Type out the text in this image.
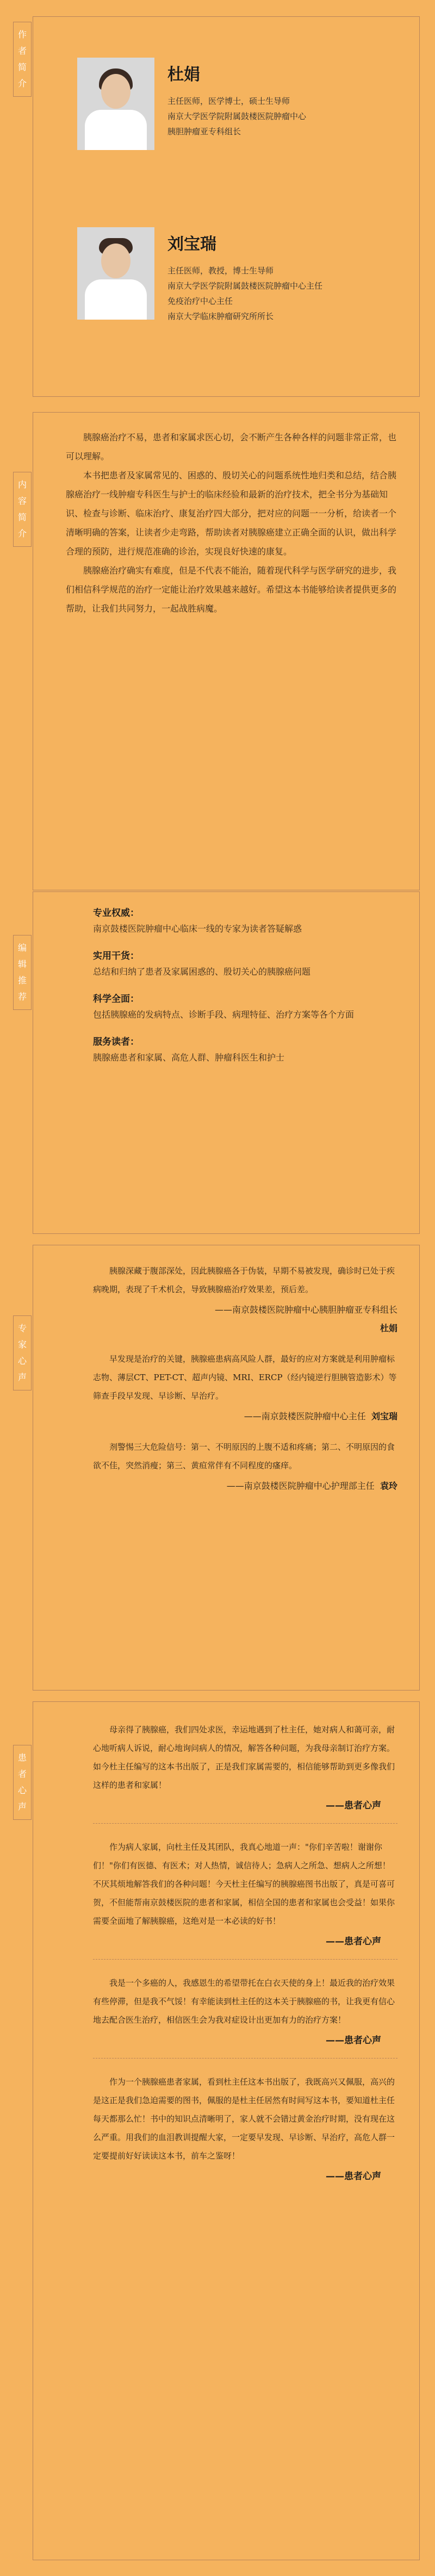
作
者
简
介	杜娟
主任医师，医学博士，硕士生导师
南京大学医学院附属鼓楼医院肿瘤中心
胰胆肿瘤亚专科组长
刘宝瑞
主任医师，教授，博士生导师
南京大学医学院附属鼓楼医院肿瘤中心主任
免疫治疗中心主任
南京大学临床肿瘤研究所所长
内
容
简
介

胰腺癌治疗不易，患者和家属求医心切，会不断产生各种各样的问题非常正常，也可以理解。

本书把患者及家属常见的、困惑的、殷切关心的问题系统性地归类和总结，结合胰腺癌治疗一线肿瘤专科医生与护士的临床经验和最新的治疗技术，把全书分为基础知识、检查与诊断、临床治疗、康复治疗四大部分，把对应的问题一一分析，给读者一个清晰明确的答案，让读者少走弯路，帮助读者对胰腺癌建立正确全面的认识，做出科学合理的预防，进行规范准确的诊治，实现良好快速的康复。

胰腺癌治疗确实有难度，但是不代表不能治，随着现代科学与医学研究的进步，我们相信科学规范的治疗一定能让治疗效果越来越好。希望这本书能够给读者提供更多的帮助，让我们共同努力，一起战胜病魔。

编
辑
推
荐

专业权威：

南京鼓楼医院肿瘤中心临床一线的专家为读者答疑解惑

实用干货：

总结和归纳了患者及家属困惑的、殷切关心的胰腺癌问题

科学全面：

包括胰腺癌的发病特点、诊断手段、病理特征、治疗方案等各个方面

服务读者：

胰腺癌患者和家属、高危人群、肿瘤科医生和护士

专
家
心
声

胰腺深藏于腹部深处，因此胰腺癌各于伪装，早期不易被发现，确诊时已处于疾病晚期，表现了千术机会，导致胰腺癌治疗效果差，预后差。

——南京鼓楼医院肿瘤中心胰胆肿瘤亚专科组长
杜娟

早发现是治疗的关键，胰腺癌患病高风险人群，最好的应对方案就是利用肿瘤标志物、薄层CT、PET-CT、超声内镜、MRI、ERCP（经内镜逆行胆胰管造影术）等筛查手段早发现、早诊断、早治疗。

——南京鼓楼医院肿瘤中心主任 刘宝瑞

剂警惕三大危险信号：第一、不明原因的上腹不适和疼痛；第二、不明原因的食欲不佳，突然消瘦；第三、黄疸常伴有不同程度的瘙痒。

——南京鼓楼医院肿瘤中心护理部主任 袁玲
患
者
心
声

母亲得了胰腺癌，我们四处求医，幸运地遇到了杜主任，她对病人和蔼可亲，耐心地听病人诉说，耐心地询问病人的情况，解答各种问题，为我母亲制订治疗方案。如今杜主任编写的这本书出版了，正是我们家属需要的，相信能够帮助到更多像我们这样的患者和家属！

——患者心声

作为病人家属，向杜主任及其团队，我真心地道一声："你们辛苦啦！谢谢你们！"你们有医德、有医术；对人热情，诚信待人；急病人之所急、想病人之所想！不厌其烦地解答我们的各种问题！今天杜主任编写的胰腺癌图书出版了，真是可喜可贺，不但能帮南京鼓楼医院的患者和家属，相信全国的患者和家属也会受益！如果你需要全面地了解胰腺癌，这绝对是一本必读的好书！

——患者心声

我是一个多癌的人，我感恩生的希望带托在白衣天使的身上！最近我的治疗效果有些停滞，但是我不气馁！有幸能读到杜主任的这本关于胰腺癌的书，让我更有信心地去配合医生治疗，相信医生会为我对症设计出更加有力的治疗方案！

——患者心声

作为一个胰腺癌患者家属，看到杜主任这本书出版了，我既高兴又佩服，高兴的是这正是我们急迫需要的图书，佩服的是杜主任居然有时间写这本书，要知道杜主任每天都那么忙！书中的知识点清晰明了，家人就不会错过黄金治疗时期，没有现在这么严重。用我们的血泪教训提醒大家，一定要早发现、早诊断、早治疗，高危人群一定要提前好好读读这本书，前车之鉴呀！

——患者心声
